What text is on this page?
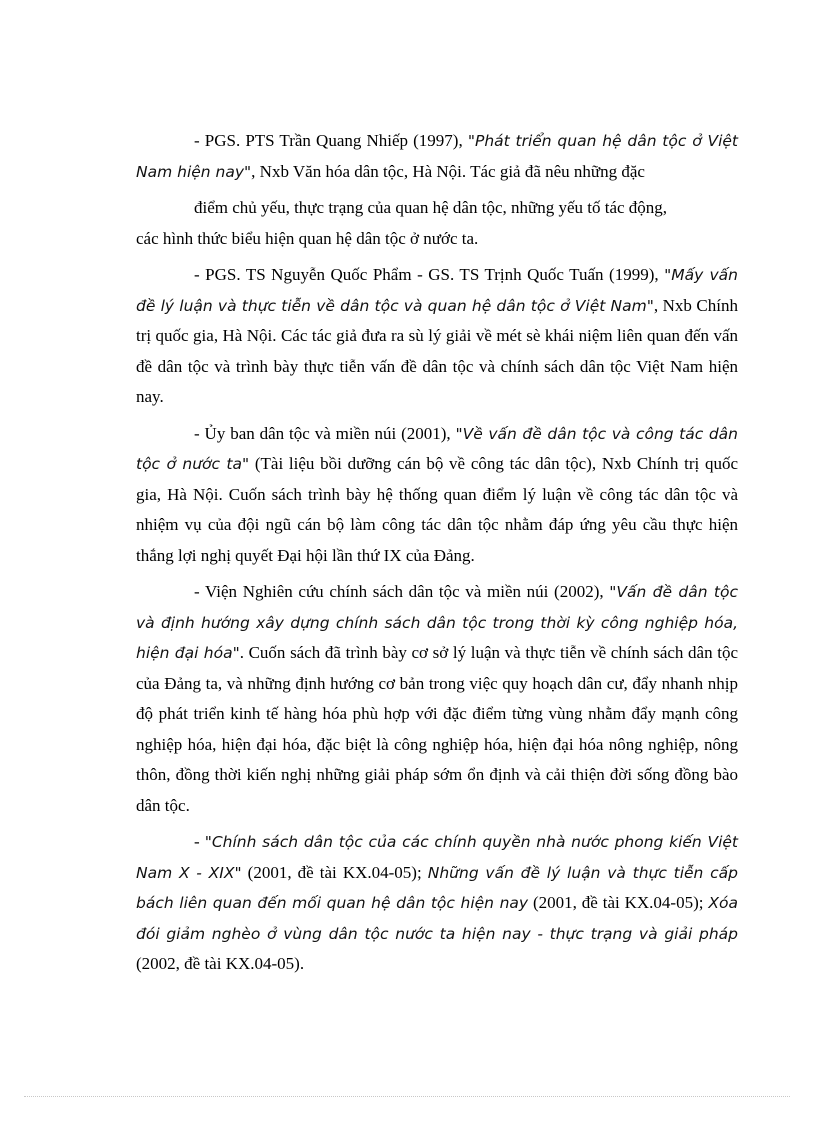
- PGS. PTS Trần Quang Nhiếp (1997), "Phát triển quan hệ dân tộc ở Việt Nam hiện nay", Nxb Văn hóa dân tộc, Hà Nội. Tác giả đã nêu những đặc

điểm chủ yếu, thực trạng của quan hệ dân tộc, những yếu tố tác động,
các hình thức biểu hiện quan hệ dân tộc ở nước ta.

- PGS. TS Nguyễn Quốc Phẩm - GS. TS Trịnh Quốc Tuấn (1999), "Mấy vấn đề lý luận và thực tiễn về dân tộc và quan hệ dân tộc ở Việt Nam", Nxb Chính trị quốc gia, Hà Nội. Các tác giả đưa ra sù lý giải về mét sè khái niệm liên quan đến vấn đề dân tộc và trình bày thực tiễn vấn đề dân tộc và chính sách dân tộc Việt Nam hiện nay.

- Ủy ban dân tộc và miền núi (2001), "Về vấn đề dân tộc và công tác dân tộc ở nước ta" (Tài liệu bồi dưỡng cán bộ về công tác dân tộc), Nxb Chính trị quốc gia, Hà Nội. Cuốn sách trình bày hệ thống quan điểm lý luận về công tác dân tộc và nhiệm vụ của đội ngũ cán bộ làm công tác dân tộc nhằm đáp ứng yêu cầu thực hiện thắng lợi nghị quyết Đại hội lần thứ IX của Đảng.

- Viện Nghiên cứu chính sách dân tộc và miền núi (2002), "Vấn đề dân tộc và định hướng xây dựng chính sách dân tộc trong thời kỳ công nghiệp hóa, hiện đại hóa". Cuốn sách đã trình bày cơ sở lý luận và thực tiễn về chính sách dân tộc của Đảng ta, và những định hướng cơ bản trong việc quy hoạch dân cư, đẩy nhanh nhịp độ phát triển kinh tế hàng hóa phù hợp với đặc điểm từng vùng nhằm đẩy mạnh công nghiệp hóa, hiện đại hóa, đặc biệt là công nghiệp hóa, hiện đại hóa nông nghiệp, nông thôn, đồng thời kiến nghị những giải pháp sớm ổn định và cải thiện đời sống đồng bào dân tộc.

- "Chính sách dân tộc của các chính quyền nhà nước phong kiến Việt Nam X - XIX" (2001, đề tài KX.04-05); Những vấn đề lý luận và thực tiễn cấp bách liên quan đến mối quan hệ dân tộc hiện nay (2001, đề tài KX.04-05); Xóa đói giảm nghèo ở vùng dân tộc nước ta hiện nay - thực trạng và giải pháp (2002, đề tài KX.04-05).
